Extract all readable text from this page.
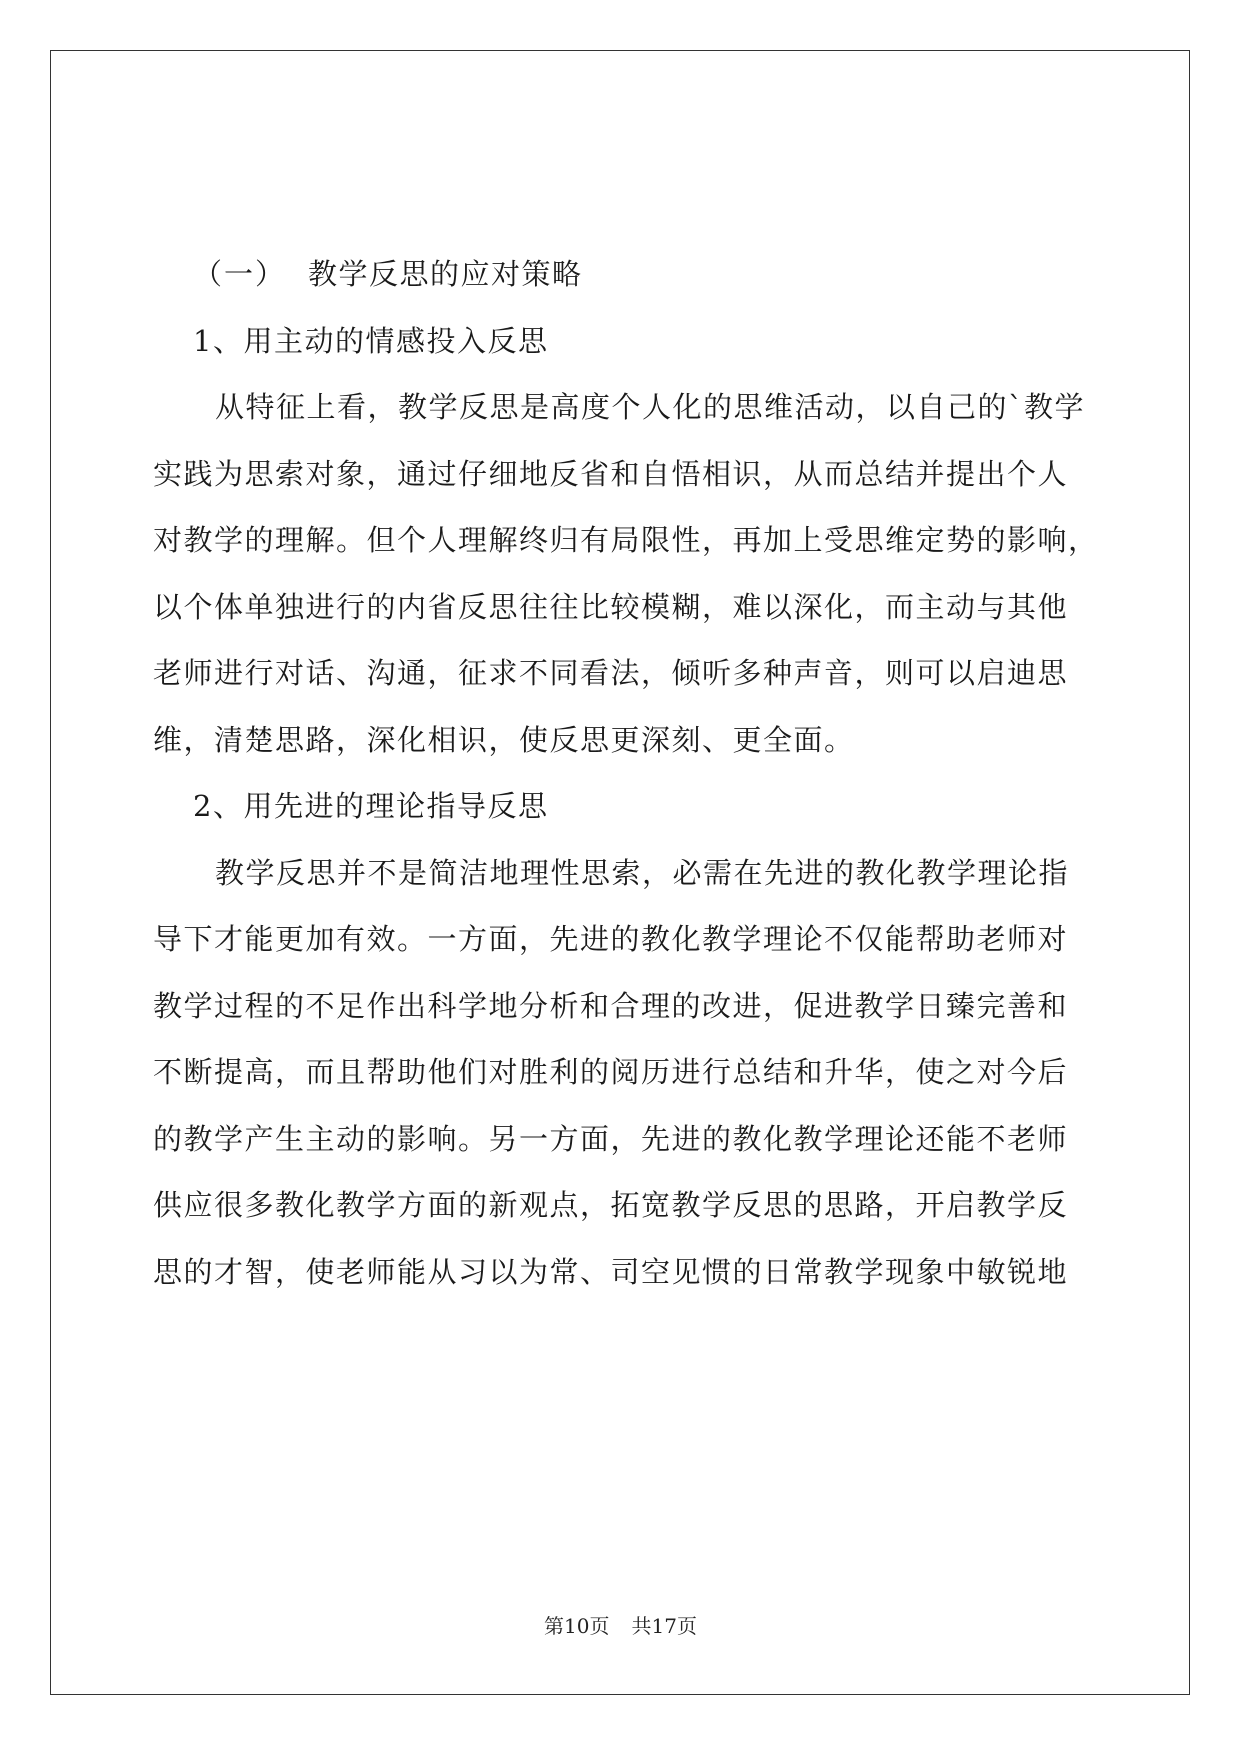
（一） 教学反思的应对策略
1、用主动的情感投入反思
从特征上看，教学反思是高度个人化的思维活动，以自己的`教学
实践为思索对象，通过仔细地反省和自悟相识，从而总结并提出个人
对教学的理解。但个人理解终归有局限性，再加上受思维定势的影响，
以个体单独进行的内省反思往往比较模糊，难以深化，而主动与其他
老师进行对话、沟通，征求不同看法，倾听多种声音，则可以启迪思
维，清楚思路，深化相识，使反思更深刻、更全面。
2、用先进的理论指导反思
教学反思并不是简洁地理性思索，必需在先进的教化教学理论指
导下才能更加有效。一方面，先进的教化教学理论不仅能帮助老师对
教学过程的不足作出科学地分析和合理的改进，促进教学日臻完善和
不断提高，而且帮助他们对胜利的阅历进行总结和升华，使之对今后
的教学产生主动的影响。另一方面，先进的教化教学理论还能不老师
供应很多教化教学方面的新观点，拓宽教学反思的思路，开启教学反
思的才智，使老师能从习以为常、司空见惯的日常教学现象中敏锐地
第10页 共17页
